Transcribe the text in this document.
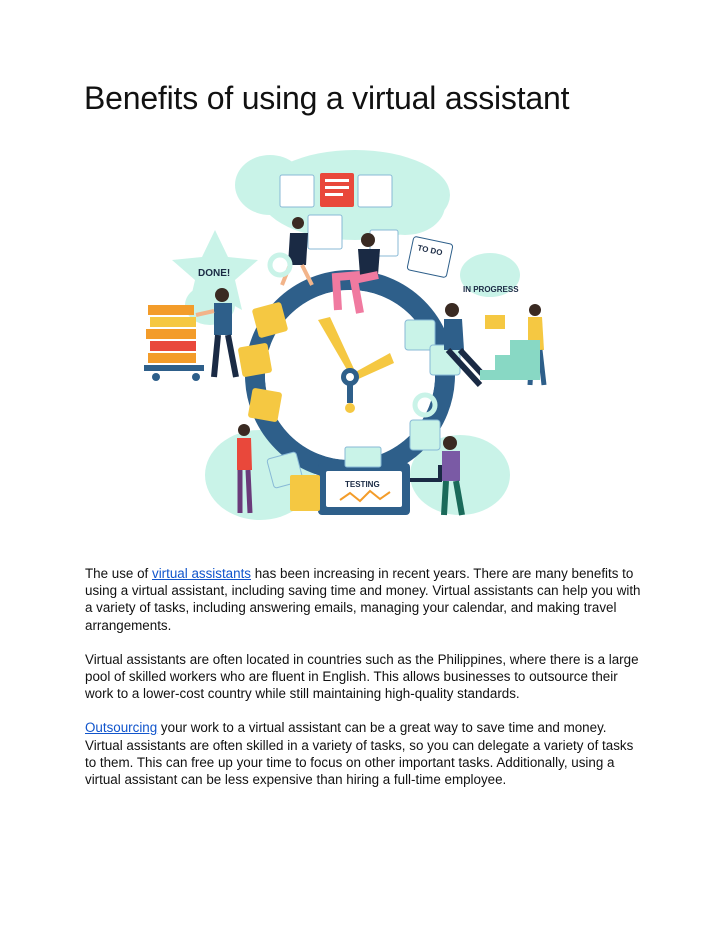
Benefits of using a virtual assistant
DONE!
TO DO
IN PROGRESS
TESTING

The use of virtual assistants has been increasing in recent years. There are many benefits to using a virtual assistant, including saving time and money. Virtual assistants can help you with a variety of tasks, including answering emails, managing your calendar, and making travel arrangements.

Virtual assistants are often located in countries such as the Philippines, where there is a large pool of skilled workers who are fluent in English. This allows businesses to outsource their work to a lower-cost country while still maintaining high-quality standards.

Outsourcing your work to a virtual assistant can be a great way to save time and money. Virtual assistants are often skilled in a variety of tasks, so you can delegate a variety of tasks to them. This can free up your time to focus on other important tasks. Additionally, using a virtual assistant can be less expensive than hiring a full-time employee.
